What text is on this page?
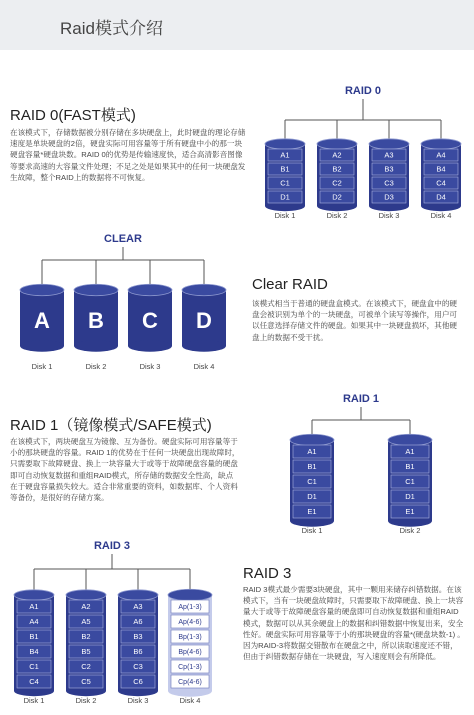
Raid模式介绍
RAID 0(FAST模式)
在该模式下，存储数据被分别存储在多块硬盘上，此时硬盘的理论存储速度是单块硬盘的2倍，硬盘实际可用容量等于所有硬盘中小的那一块硬盘容量*硬盘块数。RAID 0的优势是传输速度快，适合高清影音图像等要求高速的大容量文件处理；不足之处是如果其中的任何一块硬盘发生故障，整个RAID上的数据将不可恢复。
RAID 0
A1
B1
C1
D1
Disk 1
A2
B2
C2
D2
Disk 2
A3
B3
C3
D3
Disk 3
A4
B4
C4
D4
Disk 4
CLEAR
A
Disk 1
B
Disk 2
C
Disk 3
D
Disk 4
Clear RAID
该模式相当于普通的硬盘盒模式。在该模式下，硬盘盒中的硬盘会被识别为单个的一块硬盘，可被单个读写等操作，用户可以任意选择存储文件的硬盘。如果其中一块硬盘损坏，其他硬盘上的数据不受干扰。
RAID 1（镜像模式/SAFE模式)
在该模式下，两块硬盘互为镜像、互为备份。硬盘实际可用容量等于小的那块硬盘的容量。RAID 1的优势在于任何一块硬盘出现故障时，只需要取下故障硬盘、换上一块容量大于或等于故障硬盘容量的硬盘即可自动恢复数据和重组RAID模式，所存储的数据安全性高，缺点在于硬盘容量损失较大。适合非常重要的资料，如数据库、个人资料等备份，是很好的存储方案。
RAID 1
A1
B1
C1
D1
E1
Disk 1
A1
B1
C1
D1
E1
Disk 2
RAID 3
A1
A4
B1
B4
C1
C4
Disk 1
A2
A5
B2
B5
C2
C5
Disk 2
A3
A6
B3
B6
C3
C6
Disk 3
Ap(1-3)
Ap(4-6)
Bp(1-3)
Bp(4-6)
Cp(1-3)
Cp(4-6)
Disk 4
RAID 3
RAID 3模式最少需要3块硬盘，其中一颗用来储存纠错数据。在该模式下，当有一块硬盘故障时，只需要取下故障硬盘、换上一块容量大于或等于故障硬盘容量的硬盘即可自动恢复数据和重组RAID模式，数据可以从其余硬盘上的数据和纠错数据中恢复出来，安全性好。硬盘实际可用容量等于小的那块硬盘的容量*(硬盘块数-1) 。因为RAID-3将数据交错散布在硬盘之中，所以读取速度还不错，但由于纠错数据存储在一块硬盘，写入速度则会有所降低。
